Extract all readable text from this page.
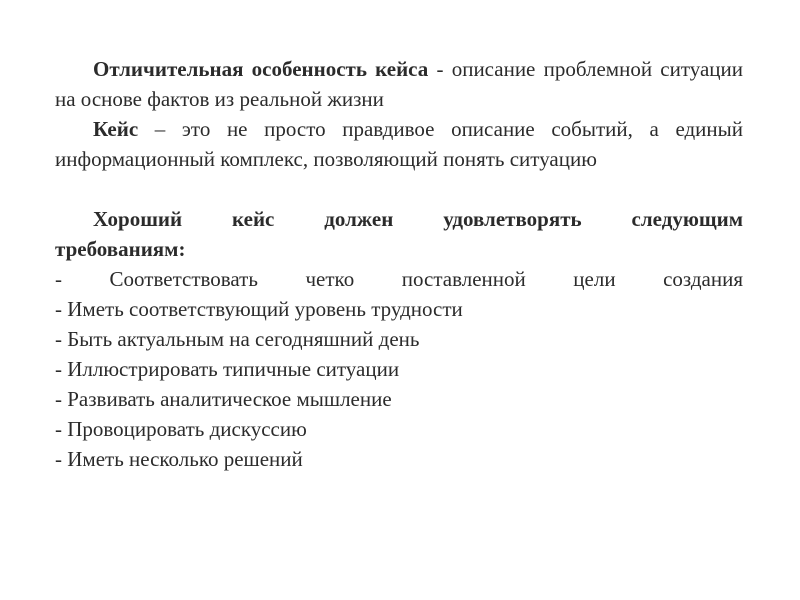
Отличительная особенность кейса - описание проблемной ситуации на основе фактов из реальной жизни

Кейс – это не просто правдивое описание событий, а единый информационный комплекс, позволяющий понять ситуацию

Хороший кейс должен удовлетворять следующим

требованиям:

- Соответствовать четко поставленной цели создания

- Иметь соответствующий уровень трудности

- Быть актуальным на сегодняшний день

- Иллюстрировать типичные ситуации

- Развивать аналитическое мышление

- Провоцировать дискуссию

- Иметь несколько решений
